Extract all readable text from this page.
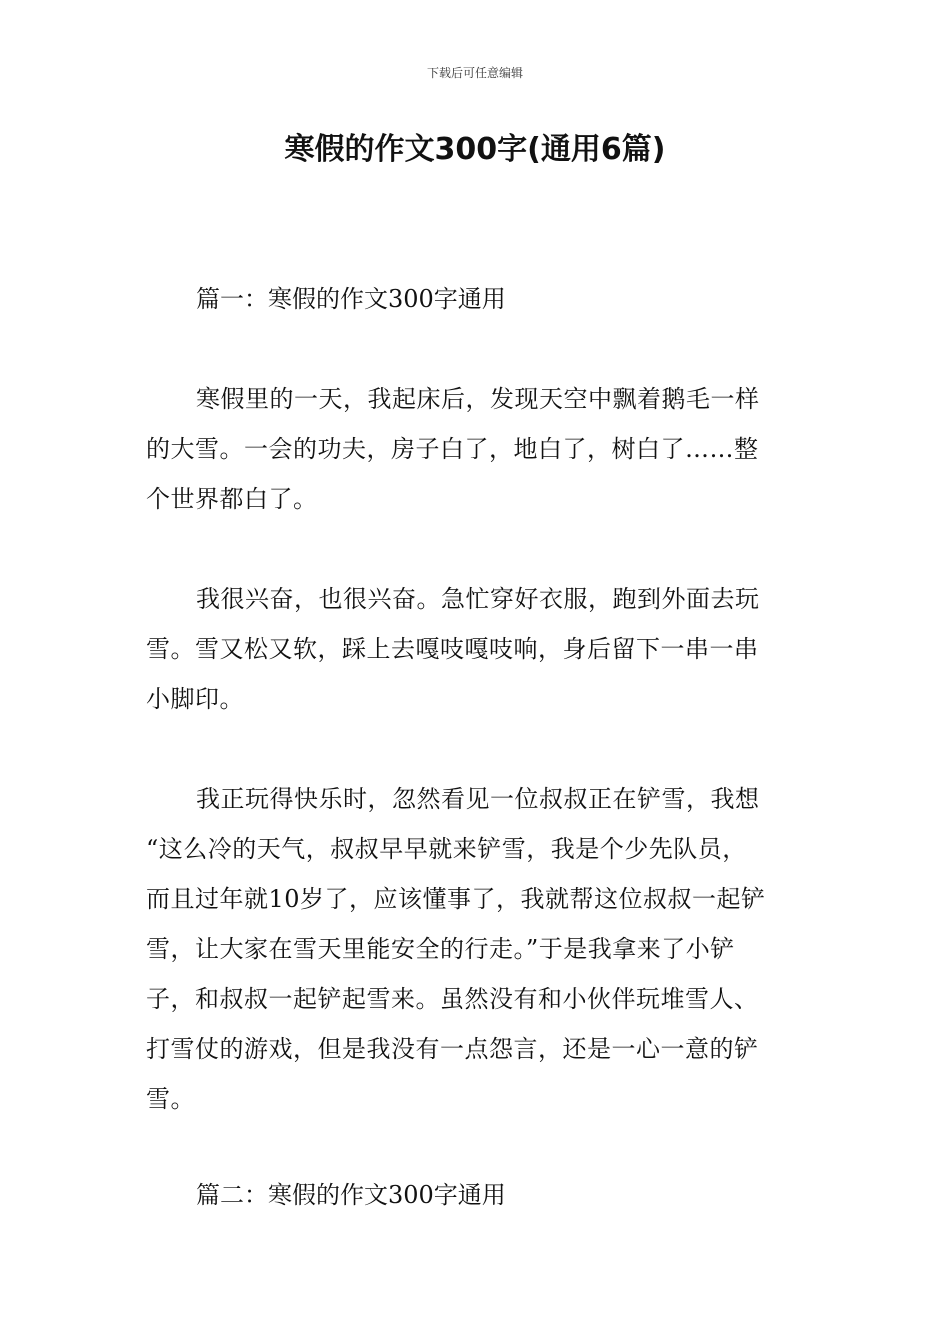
下载后可任意编辑
寒假的作文300字(通用6篇)
篇一：寒假的作文300字通用

寒假里的一天，我起床后，发现天空中飘着鹅毛一样
的大雪。一会的功夫，房子白了，地白了，树白了……整
个世界都白了。

我很兴奋，也很兴奋。急忙穿好衣服，跑到外面去玩
雪。雪又松又软，踩上去嘎吱嘎吱响，身后留下一串一串
小脚印。

我正玩得快乐时，忽然看见一位叔叔正在铲雪，我想
“这么冷的天气，叔叔早早就来铲雪，我是个少先队员，
而且过年就10岁了，应该懂事了，我就帮这位叔叔一起铲
雪，让大家在雪天里能安全的行走。”于是我拿来了小铲
子，和叔叔一起铲起雪来。虽然没有和小伙伴玩堆雪人、
打雪仗的游戏，但是我没有一点怨言，还是一心一意的铲
雪。

篇二：寒假的作文300字通用
